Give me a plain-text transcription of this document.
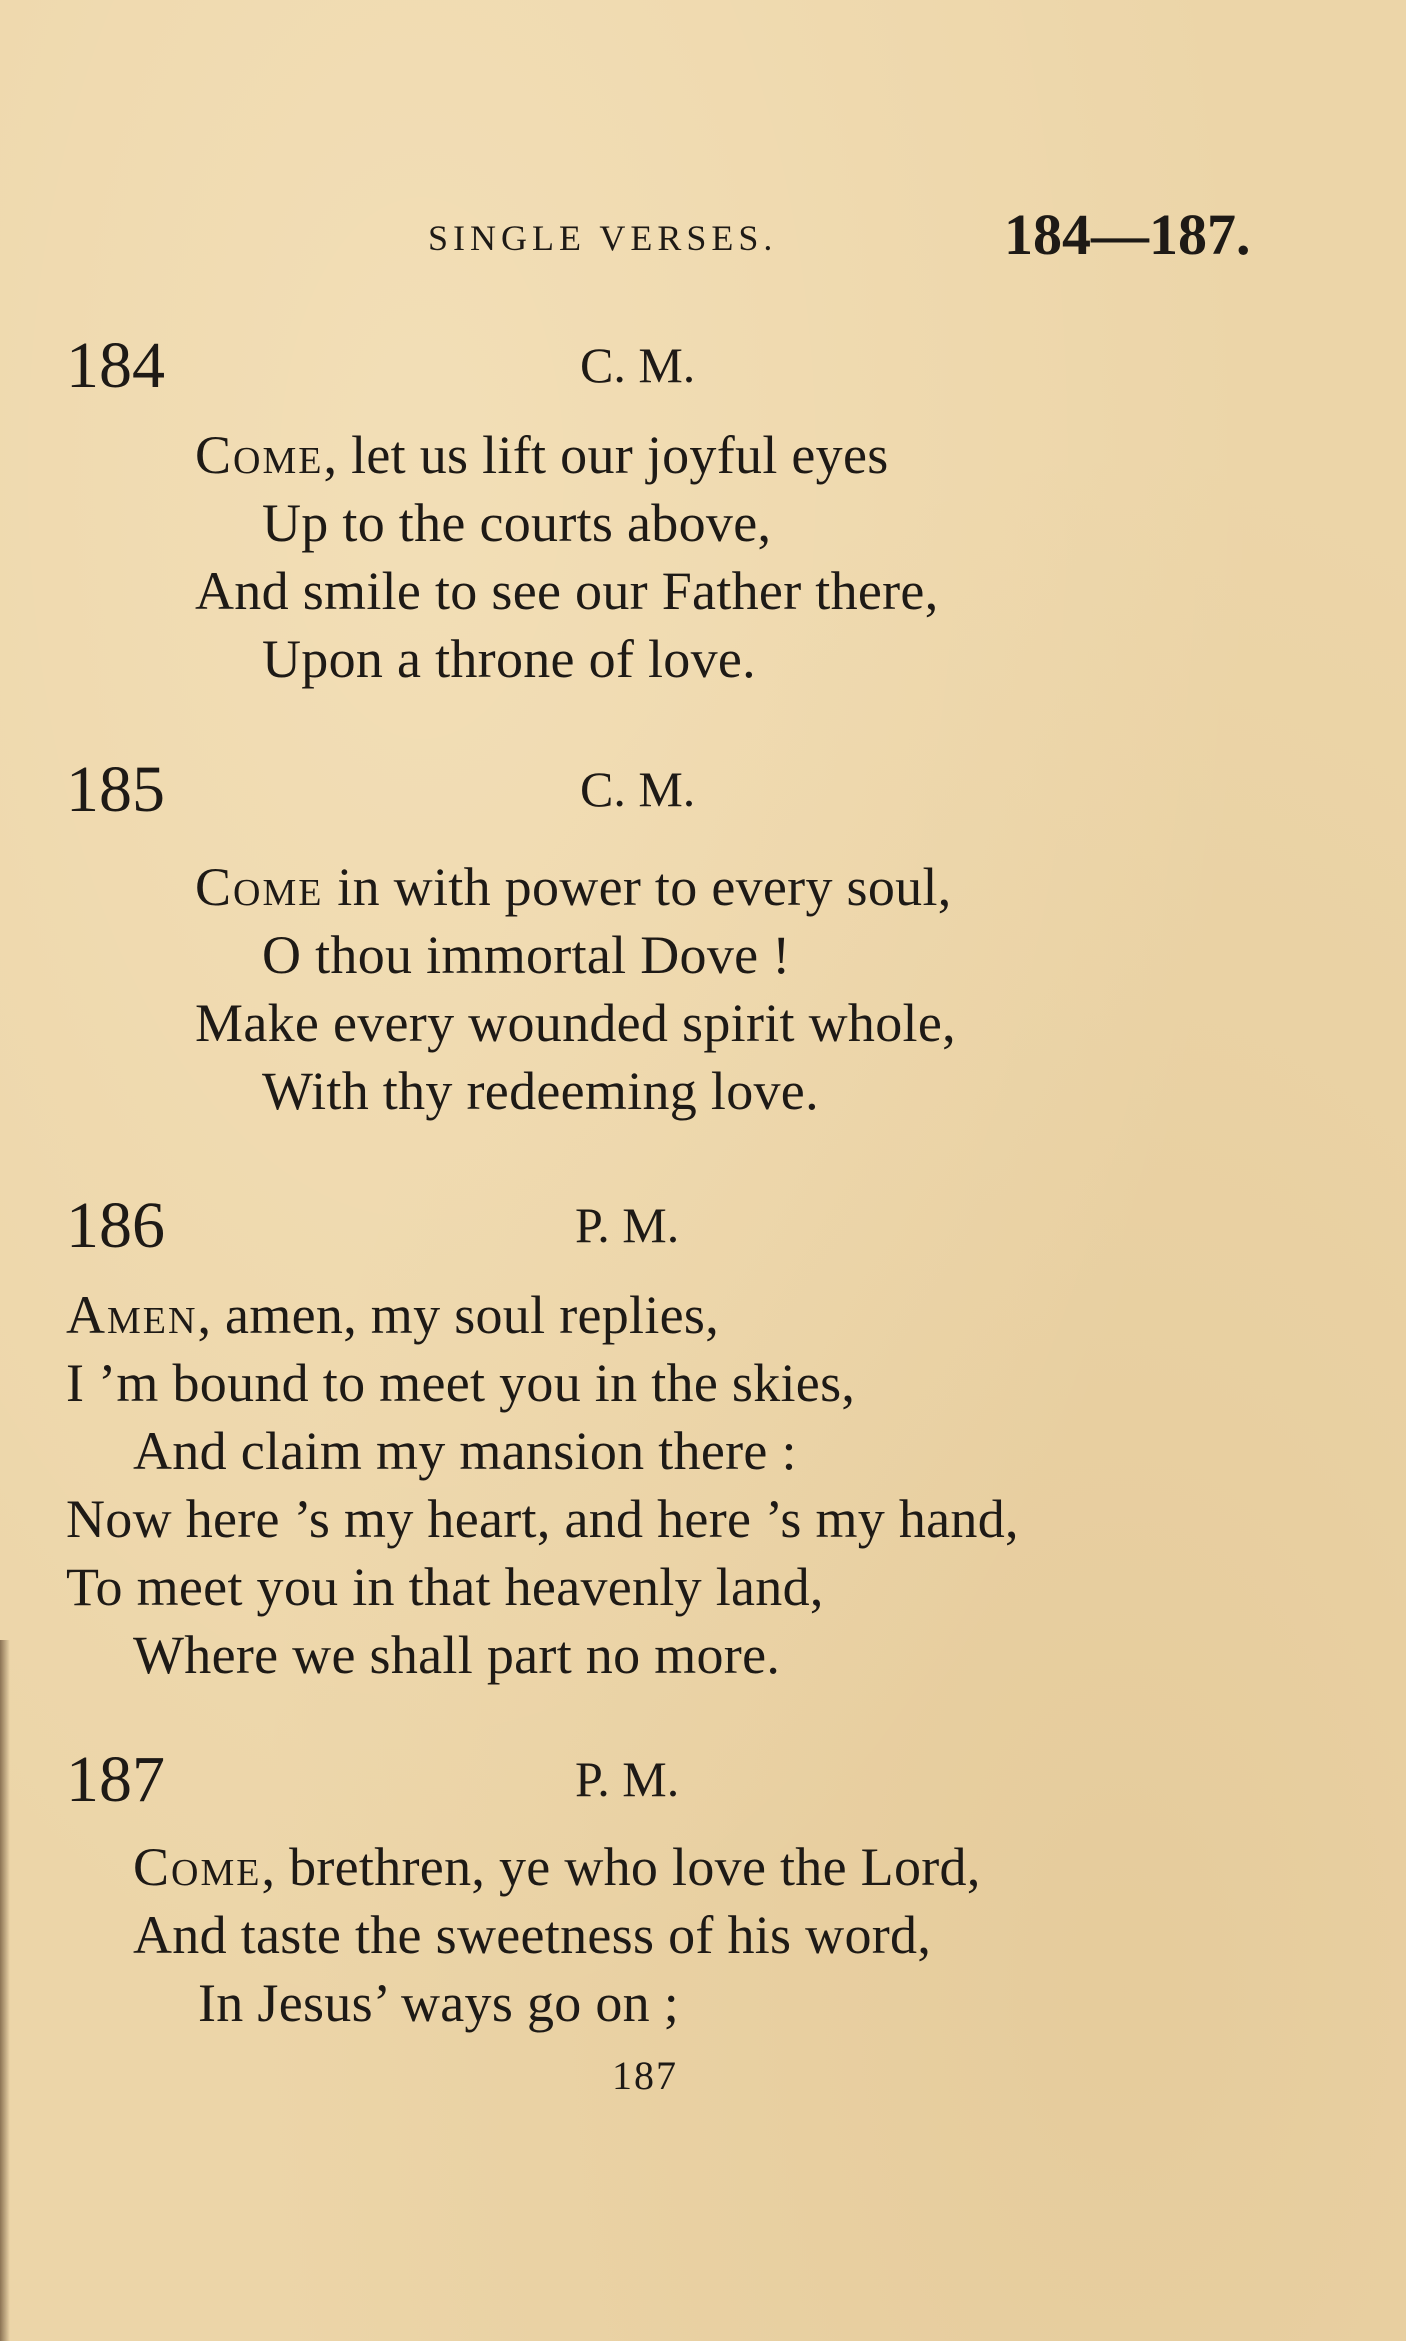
SINGLE VERSES.	184—187.
184	C. M.
Come, let us lift our joyful eyes
Up to the courts above,
And smile to see our Father there,
Upon a throne of love.
185	C. M.
Come in with power to every soul,
O thou immortal Dove !
Make every wounded spirit whole,
With thy redeeming love.
186	P. M.
Amen, amen, my soul replies,
I ’m bound to meet you in the skies,
And claim my mansion there :
Now here ’s my heart, and here ’s my hand,
To meet you in that heavenly land,
Where we shall part no more.
187	P. M.
Come, brethren, ye who love the Lord,
And taste the sweetness of his word,
In Jesus’ ways go on ;
187
